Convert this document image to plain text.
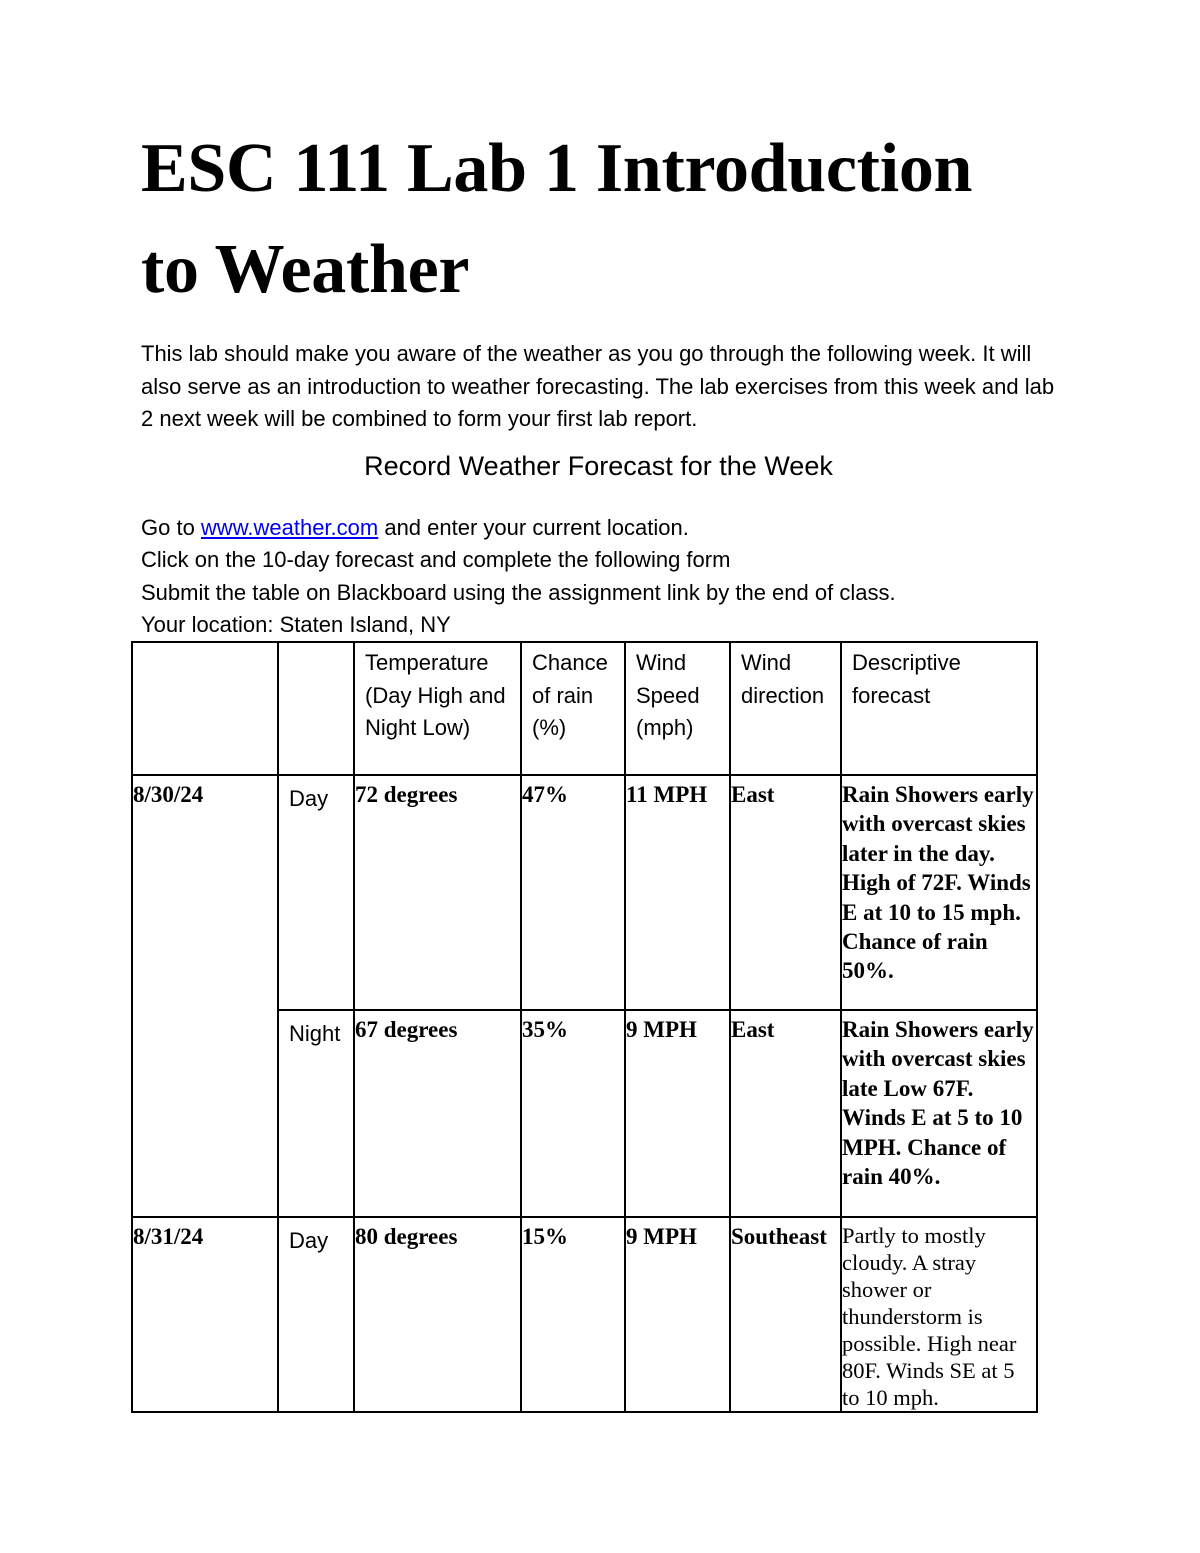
ESC 111 Lab 1 Introduction
to Weather

This lab should make you aware of the weather as you go through the following week. It will also serve as an introduction to weather forecasting. The lab exercises from this week and lab 2 next week will be combined to form your first lab report.

Record Weather Forecast for the Week
Go to www.weather.com and enter your current location.
Click on the 10-day forecast and complete the following form
Submit the table on Blackboard using the assignment link by the end of class.
Your location: Staten Island, NY
		Temperature (Day High and Night Low)	Chance of rain (%)	Wind Speed (mph)	Wind direction	Descriptive forecast
8/30/24	Day	72 degrees	47%	11 MPH	East	Rain Showers early with overcast skies later in the day. High of 72F. Winds E at 10 to 15 mph. Chance of rain 50%.
	Night	67 degrees	35%	9 MPH	East	Rain Showers early with overcast skies late Low 67F. Winds E at 5 to 10 MPH. Chance of rain 40%.
8/31/24	Day	80 degrees	15%	9 MPH	Southeast	Partly to mostly cloudy. A stray shower or thunderstorm is possible. High near 80F. Winds SE at 5 to 10 mph.
